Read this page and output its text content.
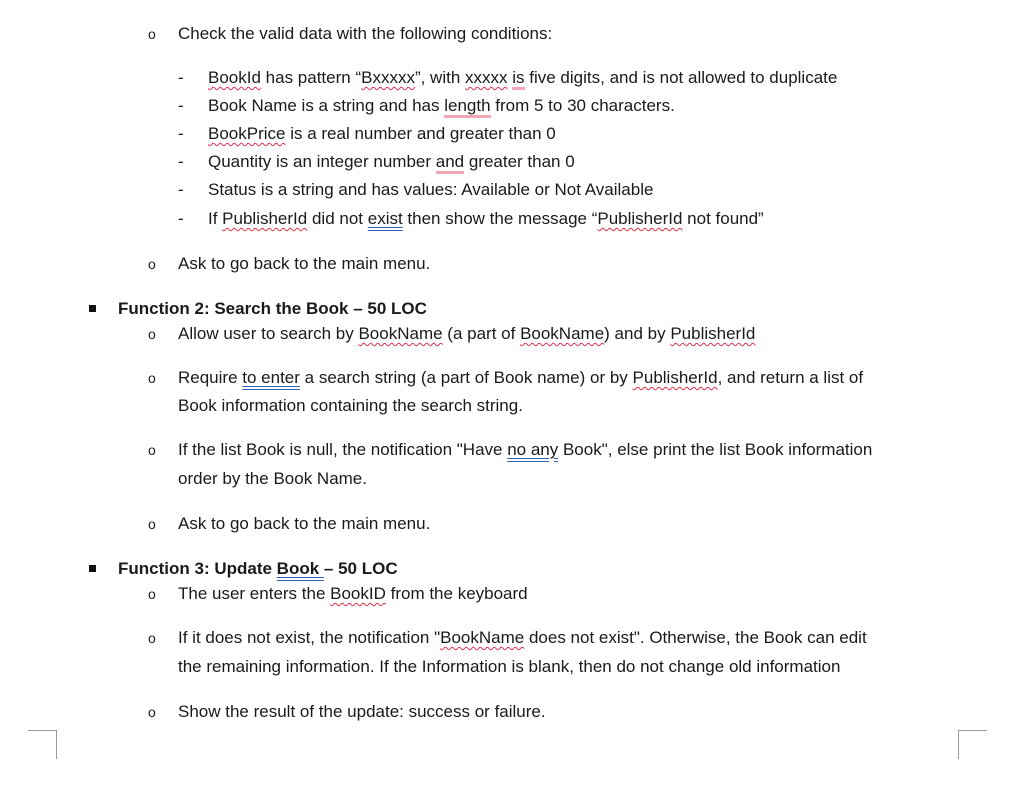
o Check the valid data with the following conditions:
- BookId has pattern “Bxxxxx”, with xxxxx is five digits, and is not allowed to duplicate
- Book Name is a string and has length from 5 to 30 characters.
- BookPrice is a real number and greater than 0
- Quantity is an integer number and greater than 0
- Status is a string and has values: Available or Not Available
- If PublisherId did not exist then show the message “PublisherId not found”
o Ask to go back to the main menu.
Function 2: Search the Book – 50 LOC
o Allow user to search by BookName (a part of BookName) and by PublisherId
o Require to enter a search string (a part of Book name) or by PublisherId, and return a list of
Book information containing the search string.
o If the list Book is null, the notification "Have no any Book", else print the list Book information
order by the Book Name.
o Ask to go back to the main menu.
Function 3: Update Book – 50 LOC
o The user enters the BookID from the keyboard
o If it does not exist, the notification "BookName does not exist". Otherwise, the Book can edit
the remaining information. If the Information is blank, then do not change old information
o Show the result of the update: success or failure.
